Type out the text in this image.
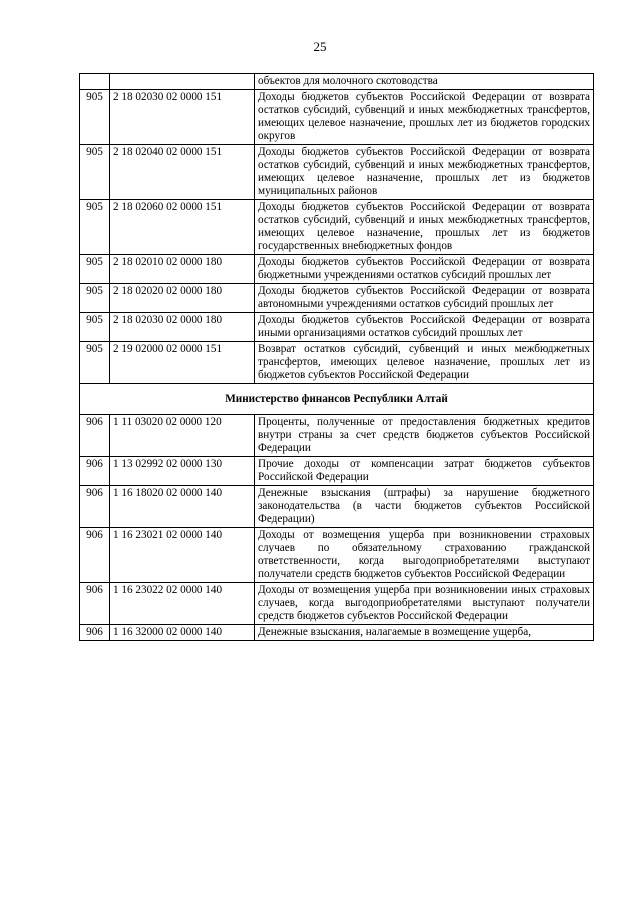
25
		объектов для молочного скотоводства
905	2 18 02030 02 0000 151	Доходы бюджетов субъектов Российской Федерации от возврата остатков субсидий, субвенций и иных межбюджетных трансфертов, имеющих целевое назначение, прошлых лет из бюджетов городских округов
905	2 18 02040 02 0000 151	Доходы бюджетов субъектов Российской Федерации от возврата остатков субсидий, субвенций и иных межбюджетных трансфертов, имеющих целевое назначение, прошлых лет из бюджетов муниципальных районов
905	2 18 02060 02 0000 151	Доходы бюджетов субъектов Российской Федерации от возврата остатков субсидий, субвенций и иных межбюджетных трансфертов, имеющих целевое назначение, прошлых лет из бюджетов государственных внебюджетных фондов
905	2 18 02010 02 0000 180	Доходы бюджетов субъектов Российской Федерации от возврата бюджетными учреждениями остатков субсидий прошлых лет
905	2 18 02020 02 0000 180	Доходы бюджетов субъектов Российской Федерации от возврата автономными учреждениями остатков субсидий прошлых лет
905	2 18 02030 02 0000 180	Доходы бюджетов субъектов Российской Федерации от возврата иными организациями остатков субсидий прошлых лет
905	2 19 02000 02 0000 151	Возврат остатков субсидий, субвенций и иных межбюджетных трансфертов, имеющих целевое назначение, прошлых лет из бюджетов субъектов Российской Федерации
Министерство финансов Республики Алтай		
906	1 11 03020 02 0000 120	Проценты, полученные от предоставления бюджетных кредитов внутри страны за счет средств бюджетов субъектов Российской Федерации
906	1 13 02992 02 0000 130	Прочие доходы от компенсации затрат бюджетов субъектов Российской Федерации
906	1 16 18020 02 0000 140	Денежные взыскания (штрафы) за нарушение бюджетного законодательства (в части бюджетов субъектов Российской Федерации)
906	1 16 23021 02 0000 140	Доходы от возмещения ущерба при возникновении страховых случаев по обязательному страхованию гражданской ответственности, когда выгодоприобретателями выступают получатели средств бюджетов субъектов Российской Федерации
906	1 16 23022 02 0000 140	Доходы от возмещения ущерба при возникновении иных страховых случаев, когда выгодоприобретателями выступают получатели средств бюджетов субъектов Российской Федерации
906	1 16 32000 02 0000 140	Денежные взыскания, налагаемые в возмещение ущерба,
